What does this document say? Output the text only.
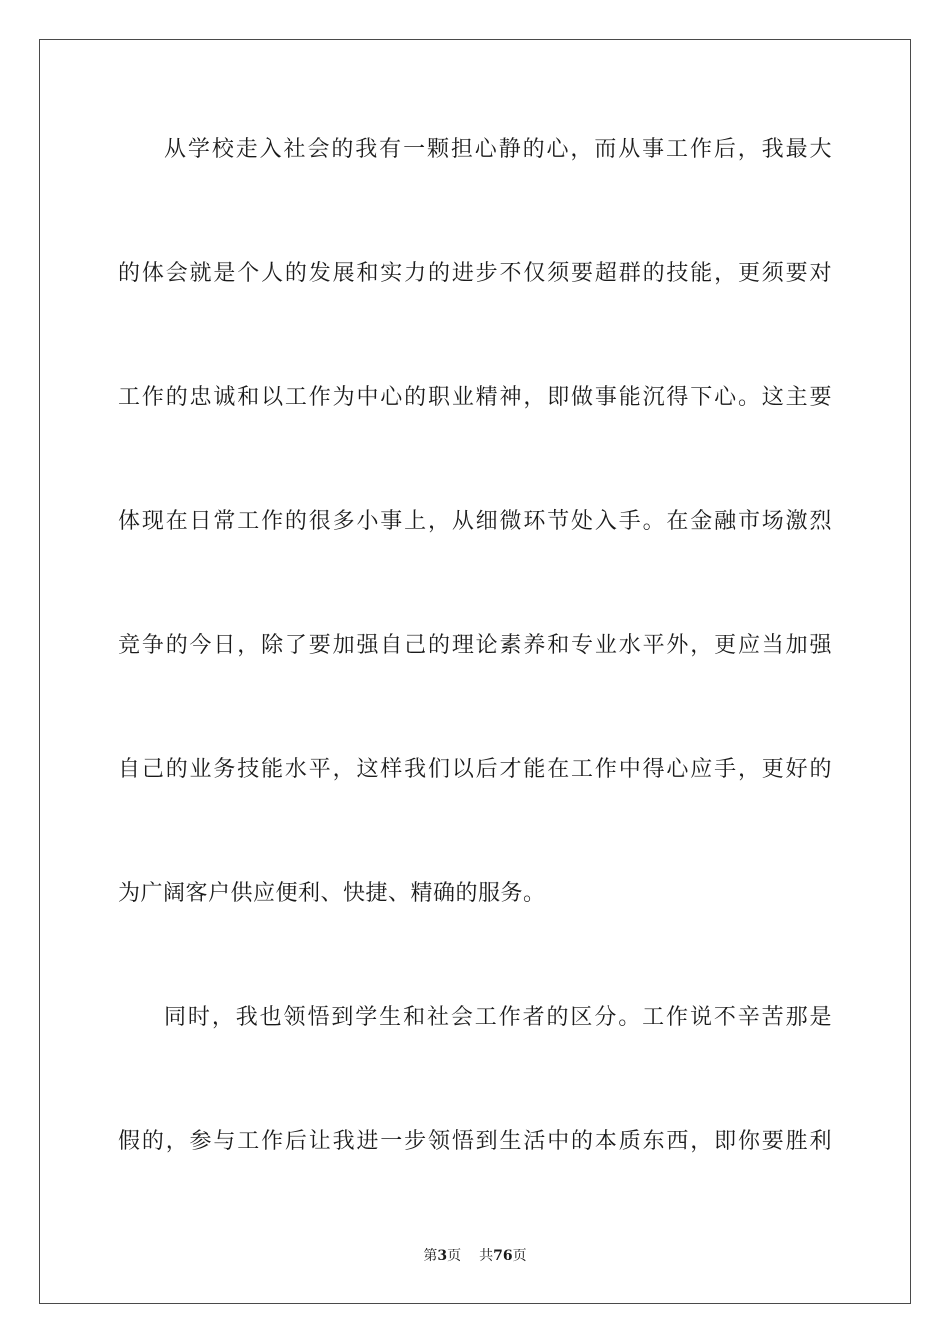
从学校走入社会的我有一颗担心静的心，而从事工作后，我最大
的体会就是个人的发展和实力的进步不仅须要超群的技能，更须要对
工作的忠诚和以工作为中心的职业精神，即做事能沉得下心。这主要
体现在日常工作的很多小事上，从细微环节处入手。在金融市场激烈
竞争的今日，除了要加强自己的理论素养和专业水平外，更应当加强
自己的业务技能水平，这样我们以后才能在工作中得心应手，更好的
为广阔客户供应便利、快捷、精确的服务。
同时，我也领悟到学生和社会工作者的区分。工作说不辛苦那是
假的，参与工作后让我进一步领悟到生活中的本质东西，即你要胜利
第3页 共76页
